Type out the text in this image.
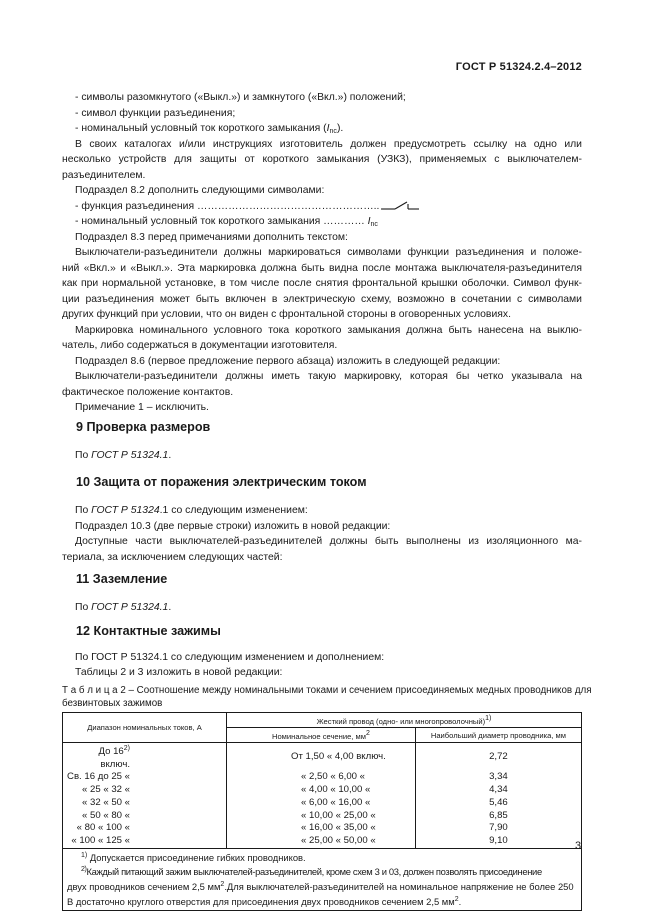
ГОСТ Р 51324.2.4–2012
- символы разомкнутого («Выкл.») и замкнутого («Вкл.») положений;
- символ функции разъединения;
- номинальный условный ток короткого замыкания $(I_{nc})$.
В своих каталогах и/или инструкциях изготовитель должен предусмотреть ссылку на одно или
несколько устройств для защиты от короткого замыкания (УЗКЗ), применяемых с выключателем-
разъединителем.
Подраздел 8.2 дополнить следующими символами:
- функция разъединения ……………………………………………..
- номинальный условный ток короткого замыкания ………… $I_{nc}$
Подраздел 8.3 перед примечаниями дополнить текстом:
Выключатели-разъединители должны маркироваться символами функции разъединения и положе-
ний «Вкл.» и «Выкл.». Эта маркировка должна быть видна после монтажа выключателя-разъединителя
как при нормальной установке, в том числе после снятия фронтальной крышки оболочки. Символ функ-
ции разъединения может быть включен в электрическую схему, возможно в сочетании с символами
других функций при условии, что он виден с фронтальной стороны в оговоренных условиях.
Маркировка номинального условного тока короткого замыкания должна быть нанесена на выклю-
чатель, либо содержаться в документации изготовителя.
Подраздел 8.6 (первое предложение первого абзаца) изложить в следующей редакции:
Выключатели-разъединители должны иметь такую маркировку, которая бы четко указывала на
фактическое положение контактов.
Примечание 1 – исключить.
9 Проверка размеров
По ГОСТ Р 51324.1.
10 Защита от поражения электрическим током
По ГОСТ Р 51324.1 со следующим изменением:
Подраздел 10.3 (две первые строки) изложить в новой редакции:
Доступные части выключателей-разъединителей должны быть выполнены из изоляционного ма-
териала, за исключением следующих частей:
11 Заземление
По ГОСТ Р 51324.1.
12 Контактные зажимы
По ГОСТ Р 51324.1 со следующим изменением и дополнением:
Таблицы 2 и 3 изложить в новой редакции:
Т а б л и ц а 2 – Соотношение между номинальными токами и сечением присоединяемых медных проводников для
безвинтовых зажимов
Диапазон номинальных токов, А	Жесткий провод (одно- или многопроволочный)1)	
	Номинальное сечение, мм2	Наибольший диаметр проводника, мм
До 16$^{2)}$ включ.	От 1,50 « 4,00 включ.	2,72
Св. 16 до 25 «	« 2,50 « 6,00 «	3,34
« 25 « 32 «	« 4,00 « 10,00 «	4,34
« 32 « 50 «	« 6,00 « 16,00 «	5,46
« 50 « 80 «	« 10,00 « 25,00 «	6,85
« 80 « 100 «	« 16,00 « 35,00 «	7,90
« 100 « 125 «	« 25,00 « 50,00 «	9,10

$^{1)}$ Допускается присоединение гибких проводников.
$^{2)}$Каждый питающий зажим выключателей-разъединителей, кроме схем 3 и 03, должен позволять присоединение
двух проводников сечением 2,5 $мм^2.Для$ выключателей-разъединителей на номинальное напряжение не более 250
В достаточно круглого отверстия для присоединения двух проводников сечением 2,5 $мм^2$.		
3
